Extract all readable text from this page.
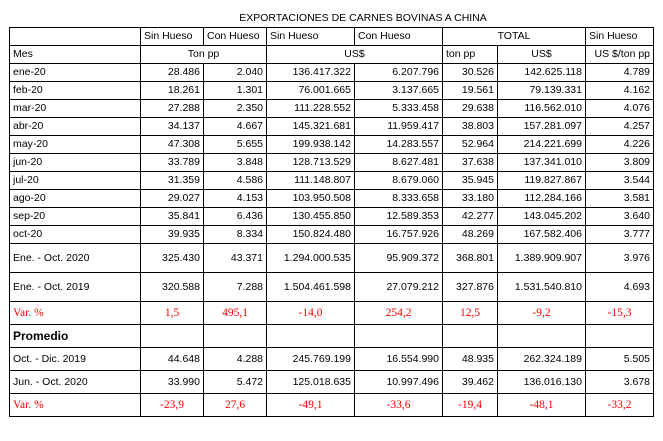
	EXPORTACIONES DE CARNES BOVINAS A CHINA						
	Sin Hueso	Con Hueso	Sin Hueso	Con Hueso	TOTAL		Sin Hueso
Mes	Ton pp		US$		ton pp	US$	US $/ton pp
ene-20	28.486	2.040	136.417.322	6.207.796	30.526	142.625.118	4.789
feb-20	18.261	1.301	76.001.665	3.137.665	19.561	79.139.331	4.162
mar-20	27.288	2.350	111.228.552	5.333.458	29.638	116.562.010	4.076
abr-20	34.137	4.667	145.321.681	11.959.417	38.803	157.281.097	4.257
may-20	47.308	5.655	199.938.142	14.283.557	52.964	214.221.699	4.226
jun-20	33.789	3.848	128.713.529	8.627.481	37.638	137.341.010	3.809
jul-20	31.359	4.586	111.148.807	8.679.060	35.945	119.827.867	3.544
ago-20	29.027	4.153	103.950.508	8.333.658	33.180	112.284.166	3.581
sep-20	35.841	6.436	130.455.850	12.589.353	42.277	143.045.202	3.640
oct-20	39.935	8.334	150.824.480	16.757.926	48.269	167.582.406	3.777
Ene. - Oct. 2020	325.430	43.371	1.294.000.535	95.909.372	368.801	1.389.909.907	3.976
Ene. - Oct. 2019	320.588	7.288	1.504.461.598	27.079.212	327.876	1.531.540.810	4.693
Var. %	1,5	495,1	-14,0	254,2	12,5	-9,2	-15,3
Promedio							
Oct. - Dic. 2019	44.648	4.288	245.769.199	16.554.990	48.935	262.324.189	5.505
Jun. - Oct. 2020	33.990	5.472	125.018.635	10.997.496	39.462	136.016.130	3.678
Var. %	-23,9	27,6	-49,1	-33,6	-19,4	-48,1	-33,2
